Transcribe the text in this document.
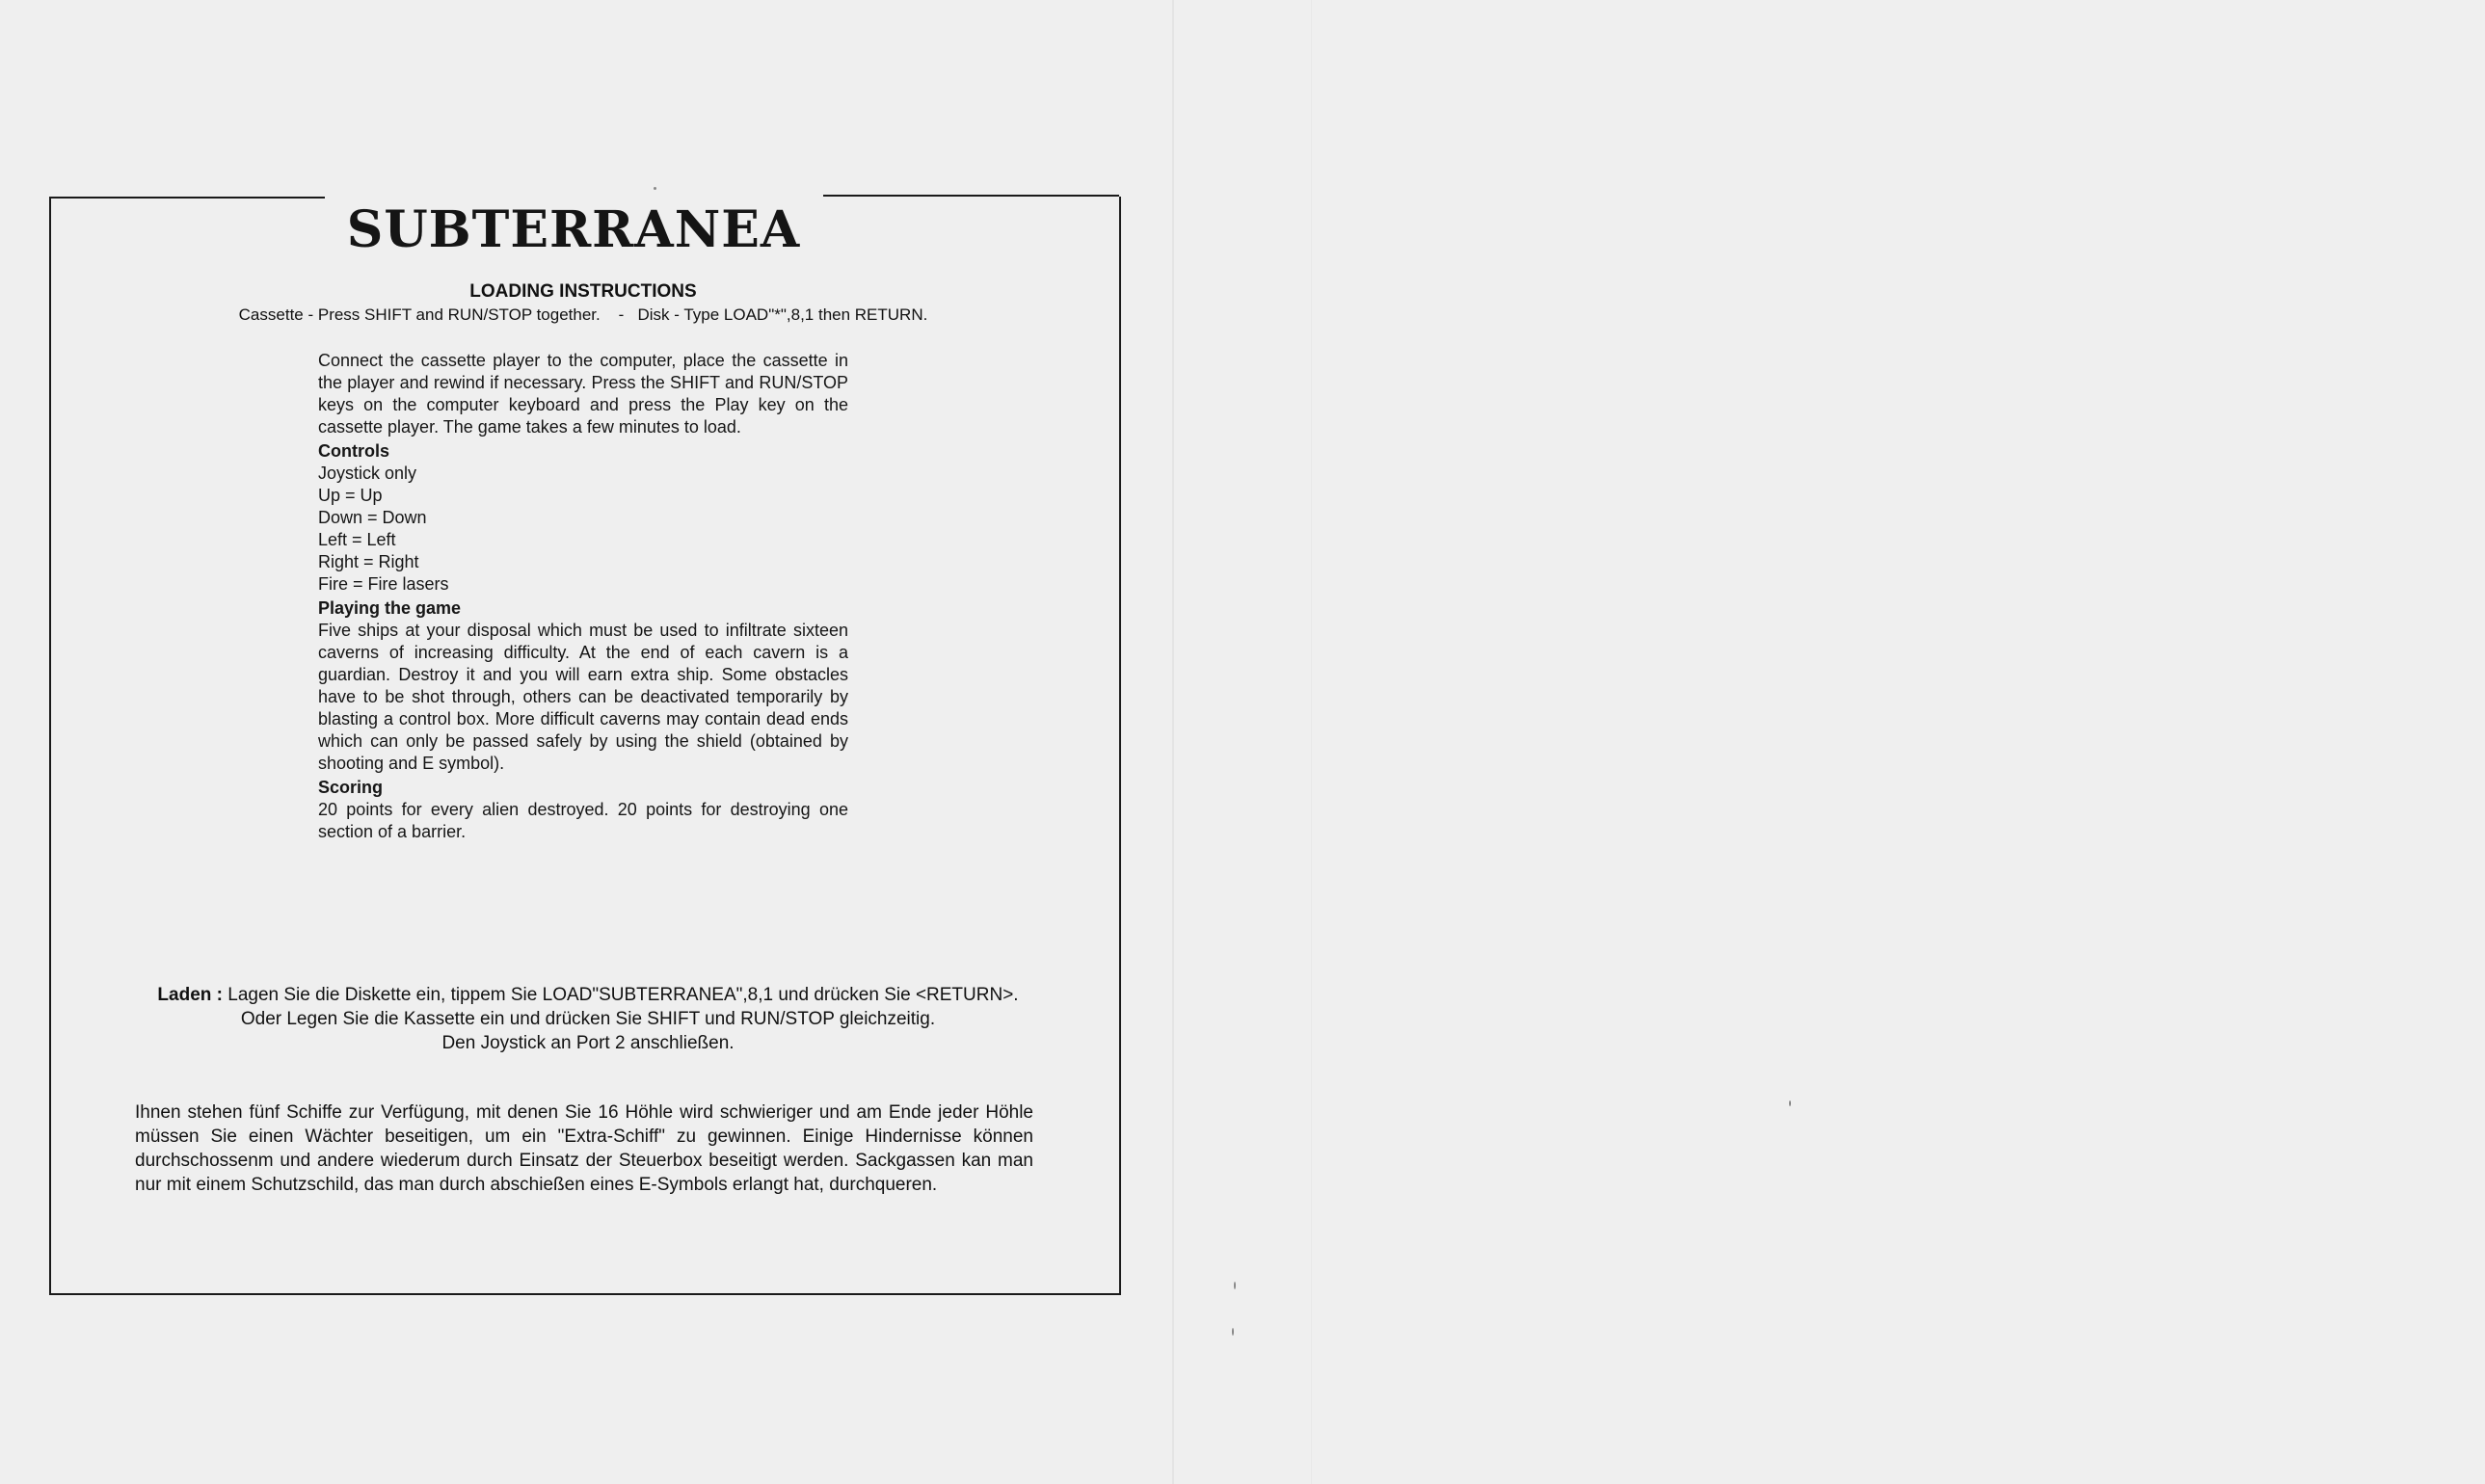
SUBTERRANEA
LOADING INSTRUCTIONS
Cassette - Press SHIFT and RUN/STOP together.    -   Disk - Type LOAD"*",8,1 then RETURN.
Connect the cassette player to the computer, place the cassette in the player and rewind if necessary. Press the SHIFT and RUN/STOP keys on the computer keyboard and press the Play key on the cassette player. The game takes a few minutes to load.
Controls
Joystick only
Up = Up
Down = Down
Left = Left
Right = Right
Fire = Fire lasers
Playing the game
Five ships at your disposal which must be used to infiltrate sixteen caverns of increasing difficulty. At the end of each cavern is a guardian. Destroy it and you will earn extra ship. Some obstacles have to be shot through, others can be deactivated temporarily by blasting a control box. More difficult caverns may contain dead ends which can only be passed safely by using the shield (obtained by shooting and E symbol).
Scoring
20 points for every alien destroyed. 20 points for destroying one section of a barrier.
Laden : Lagen Sie die Diskette ein, tippem Sie LOAD"SUBTERRANEA",8,1 und drücken Sie <RETURN>. Oder Legen Sie die Kassette ein und drücken Sie SHIFT und RUN/STOP gleichzeitig.
Den Joystick an Port 2 anschließen.
Ihnen stehen fünf Schiffe zur Verfügung, mit denen Sie 16 Höhle wird schwieriger und am Ende jeder Höhle müssen Sie einen Wächter beseitigen, um ein "Extra-Schiff" zu gewinnen. Einige Hindernisse können durchschossenm und andere wiederum durch Einsatz der Steuerbox beseitigt werden. Sackgassen kan man nur mit einem Schutzschild, das man durch abschießen eines E-Symbols erlangt hat, durchqueren.
